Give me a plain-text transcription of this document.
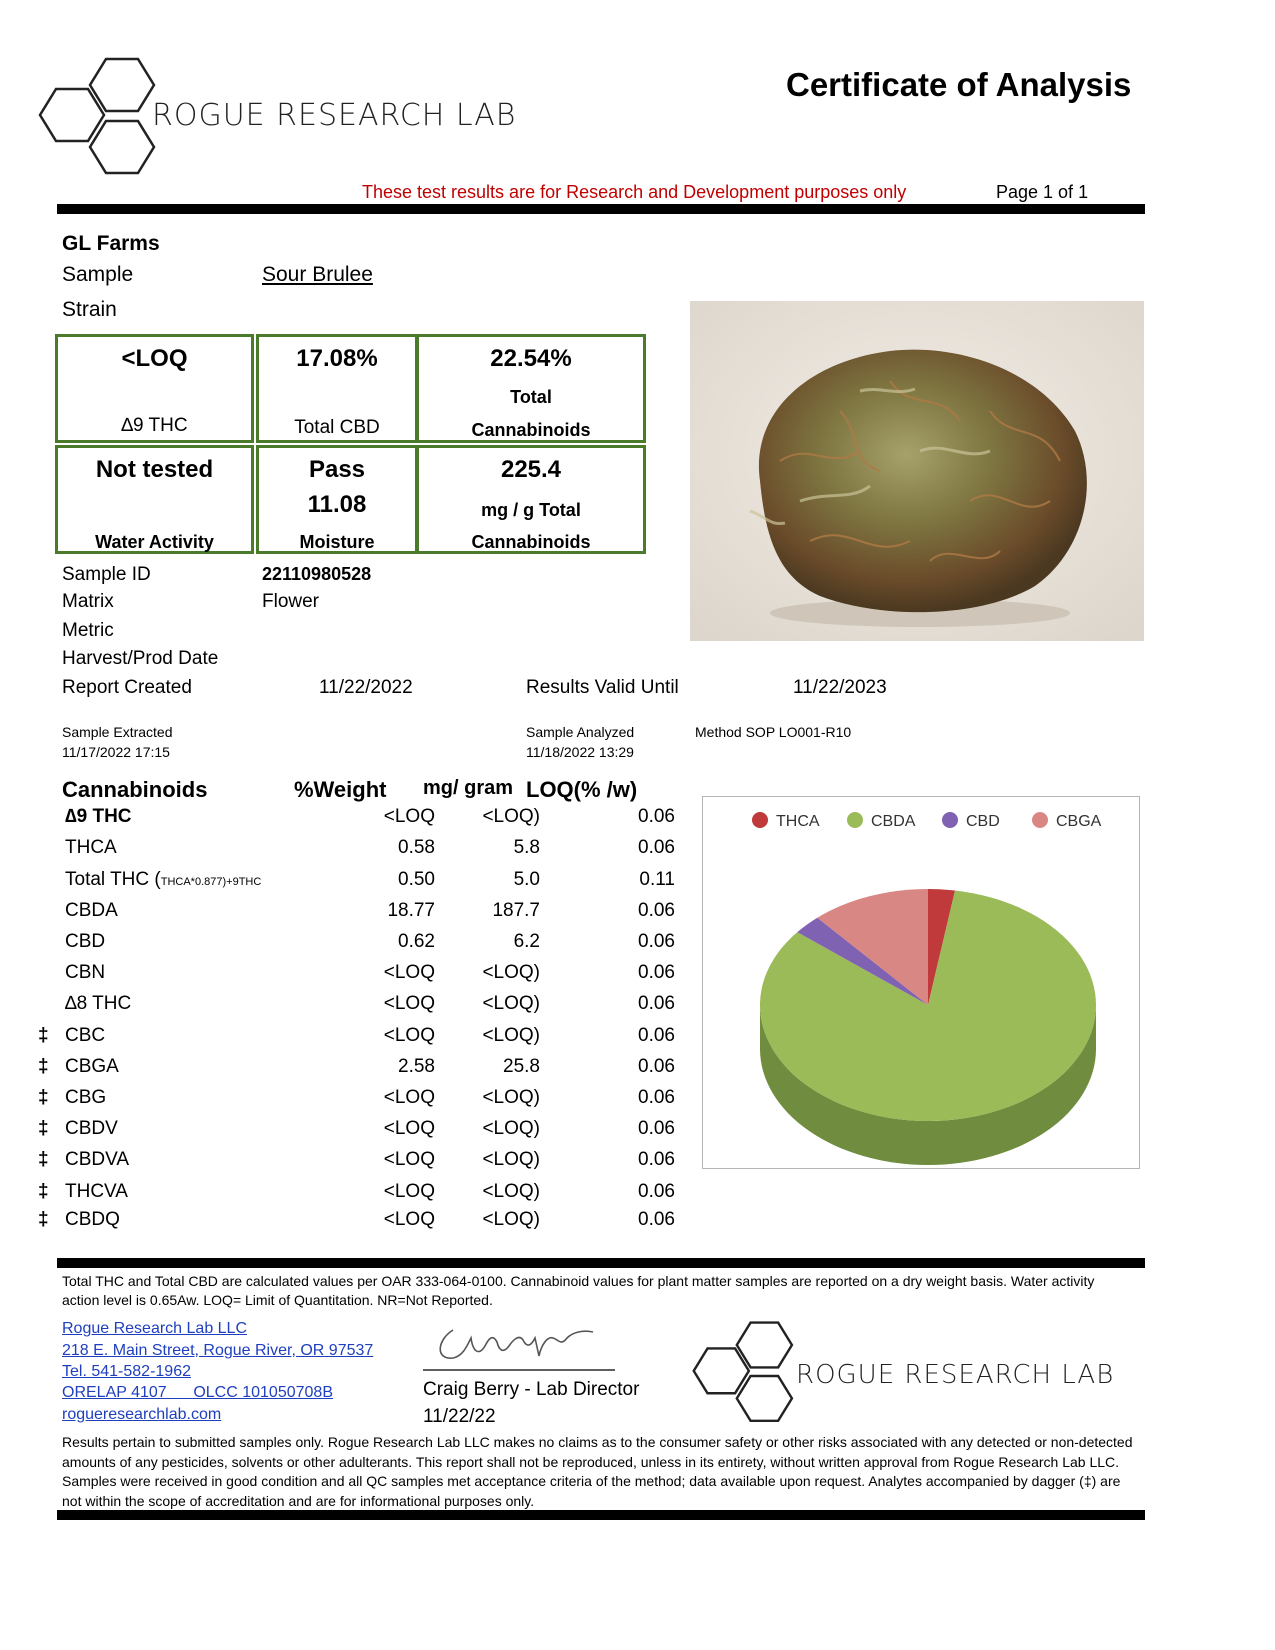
ROGUE RESEARCH LAB
Certificate of Analysis
These test results are for Research and Development purposes only	Page 1 of 1
GL Farms
Sample	Sour Brulee
Strain
<LOQ
∆9 THC
17.08%
Total CBD
22.54%
Total
Cannabinoids
Not tested
Water Activity
Pass
11.08
Moisture
225.4
mg / g Total
Cannabinoids
Sample ID	22110980528
Matrix	Flower
Metric
Harvest/Prod Date
Report Created	11/22/2022	Results Valid Until	11/22/2023
Sample Extracted
11/17/2022 17:15
Sample Analyzed
11/18/2022 13:29
Method SOP LO001-R10
Cannabinoids	%Weight mg/ gram LOQ(% /w)
∆9 THC	<LOQ <LOQ)	0.06
THCA	0.58	5.8	0.06
Total THC (THCA*0.877)+9THC	0.50	5.0	0.11
CBDA	18.77	187.7	0.06
CBD	0.62	6.2	0.06
CBN	<LOQ <LOQ)	0.06
∆8 THC	<LOQ <LOQ)	0.06
‡ CBC	<LOQ <LOQ)	0.06
‡ CBGA	2.58	25.8	0.06
‡ CBG	<LOQ <LOQ)	0.06
‡ CBDV	<LOQ <LOQ)	0.06
‡ CBDVA	<LOQ <LOQ)	0.06
‡ THCVA	<LOQ <LOQ)	0.06
‡ CBDQ	<LOQ <LOQ)	0.06
THCA	CBDA	CBD	CBGA
Total THC and Total CBD are calculated values per OAR 333-064-0100. Cannabinoid values for plant matter samples are reported on a dry weight basis. Water activity action level is 0.65Aw. LOQ= Limit of Quantitation. NR=Not Reported.
Rogue Research Lab LLC
218 E. Main Street, Rogue River, OR 97537
Tel. 541-582-1962
ORELAP 4107      OLCC 101050708B
rogueresearchlab.com
Craig Berry - Lab Director
11/22/22
ROGUE RESEARCH LAB
Results pertain to submitted samples only. Rogue Research Lab LLC makes no claims as to the consumer safety or other risks associated with any detected or non-detected amounts of any pesticides, solvents or other adulterants. This report shall not be reproduced, unless in its entirety, without written approval from Rogue Research Lab LLC. Samples were received in good condition and all QC samples met acceptance criteria of the method; data available upon request. Analytes accompanied by dagger (‡) are not within the scope of accreditation and are for informational purposes only.
